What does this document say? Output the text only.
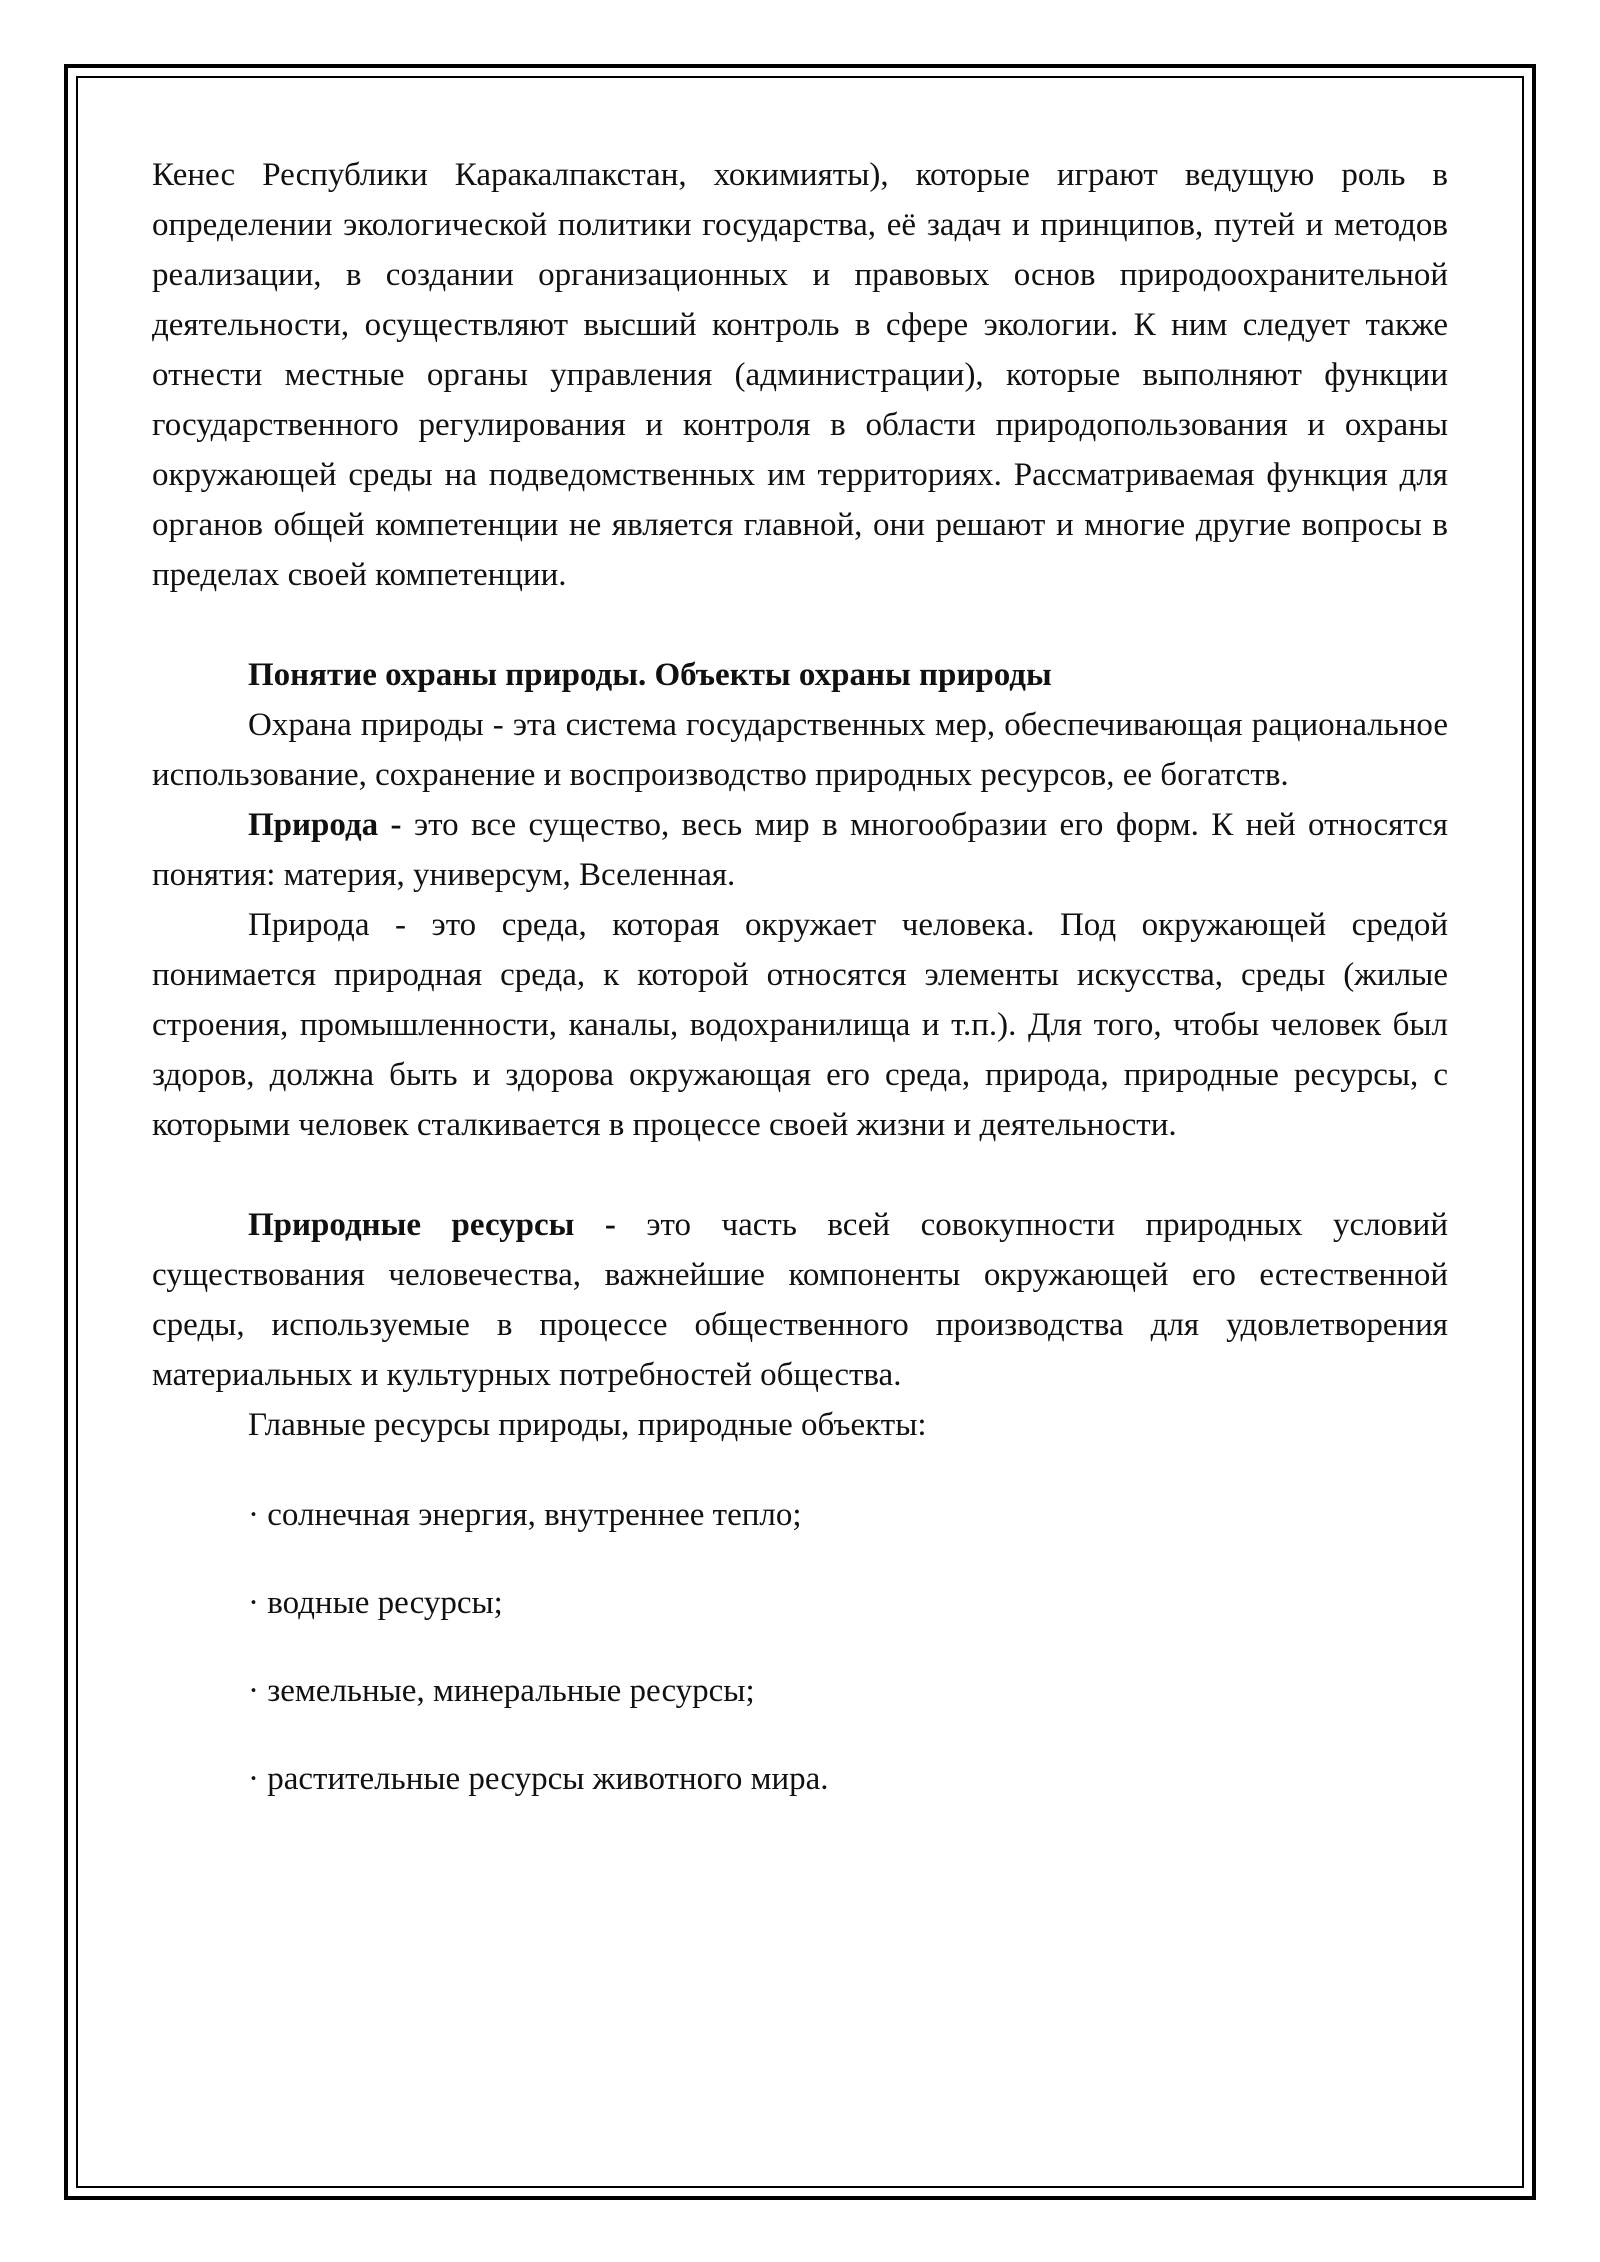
Кенес Республики Каракалпакстан, хокимияты), которые играют ведущую роль в определении экологической политики государства, её задач и принципов, путей и методов реализации, в создании организационных и правовых основ природоохранительной деятельности, осуществляют высший контроль в сфере экологии. К ним следует также отнести местные органы управления (администрации), которые выполняют функции государственного регулирования и контроля в области природопользования и охраны окружающей среды на подведомственных им территориях. Рассматриваемая функция для органов общей компетенции не является главной, они решают и многие другие вопросы в пределах своей компетенции.

Понятие охраны природы. Объекты охраны природы

Охрана природы - эта система государственных мер, обеспечивающая рациональное использование, сохранение и воспроизводство природных ресурсов, ее богатств.

Природа - это все существо, весь мир в многообразии его форм. К ней относятся понятия: материя, универсум, Вселенная.

Природа - это среда, которая окружает человека. Под окружающей средой понимается природная среда, к которой относятся элементы искусства, среды (жилые строения, промышленности, каналы, водохранилища и т.п.). Для того, чтобы человек был здоров, должна быть и здорова окружающая его среда, природа, природные ресурсы, с которыми человек сталкивается в процессе своей жизни и деятельности.

Природные ресурсы - это часть всей совокупности природных условий существования человечества, важнейшие компоненты окружающей его естественной среды, используемые в процессе общественного производства для удовлетворения материальных и культурных потребностей общества.

Главные ресурсы природы, природные объекты:

· солнечная энергия, внутреннее тепло;

· водные ресурсы;

· земельные, минеральные ресурсы;

· растительные ресурсы животного мира.
